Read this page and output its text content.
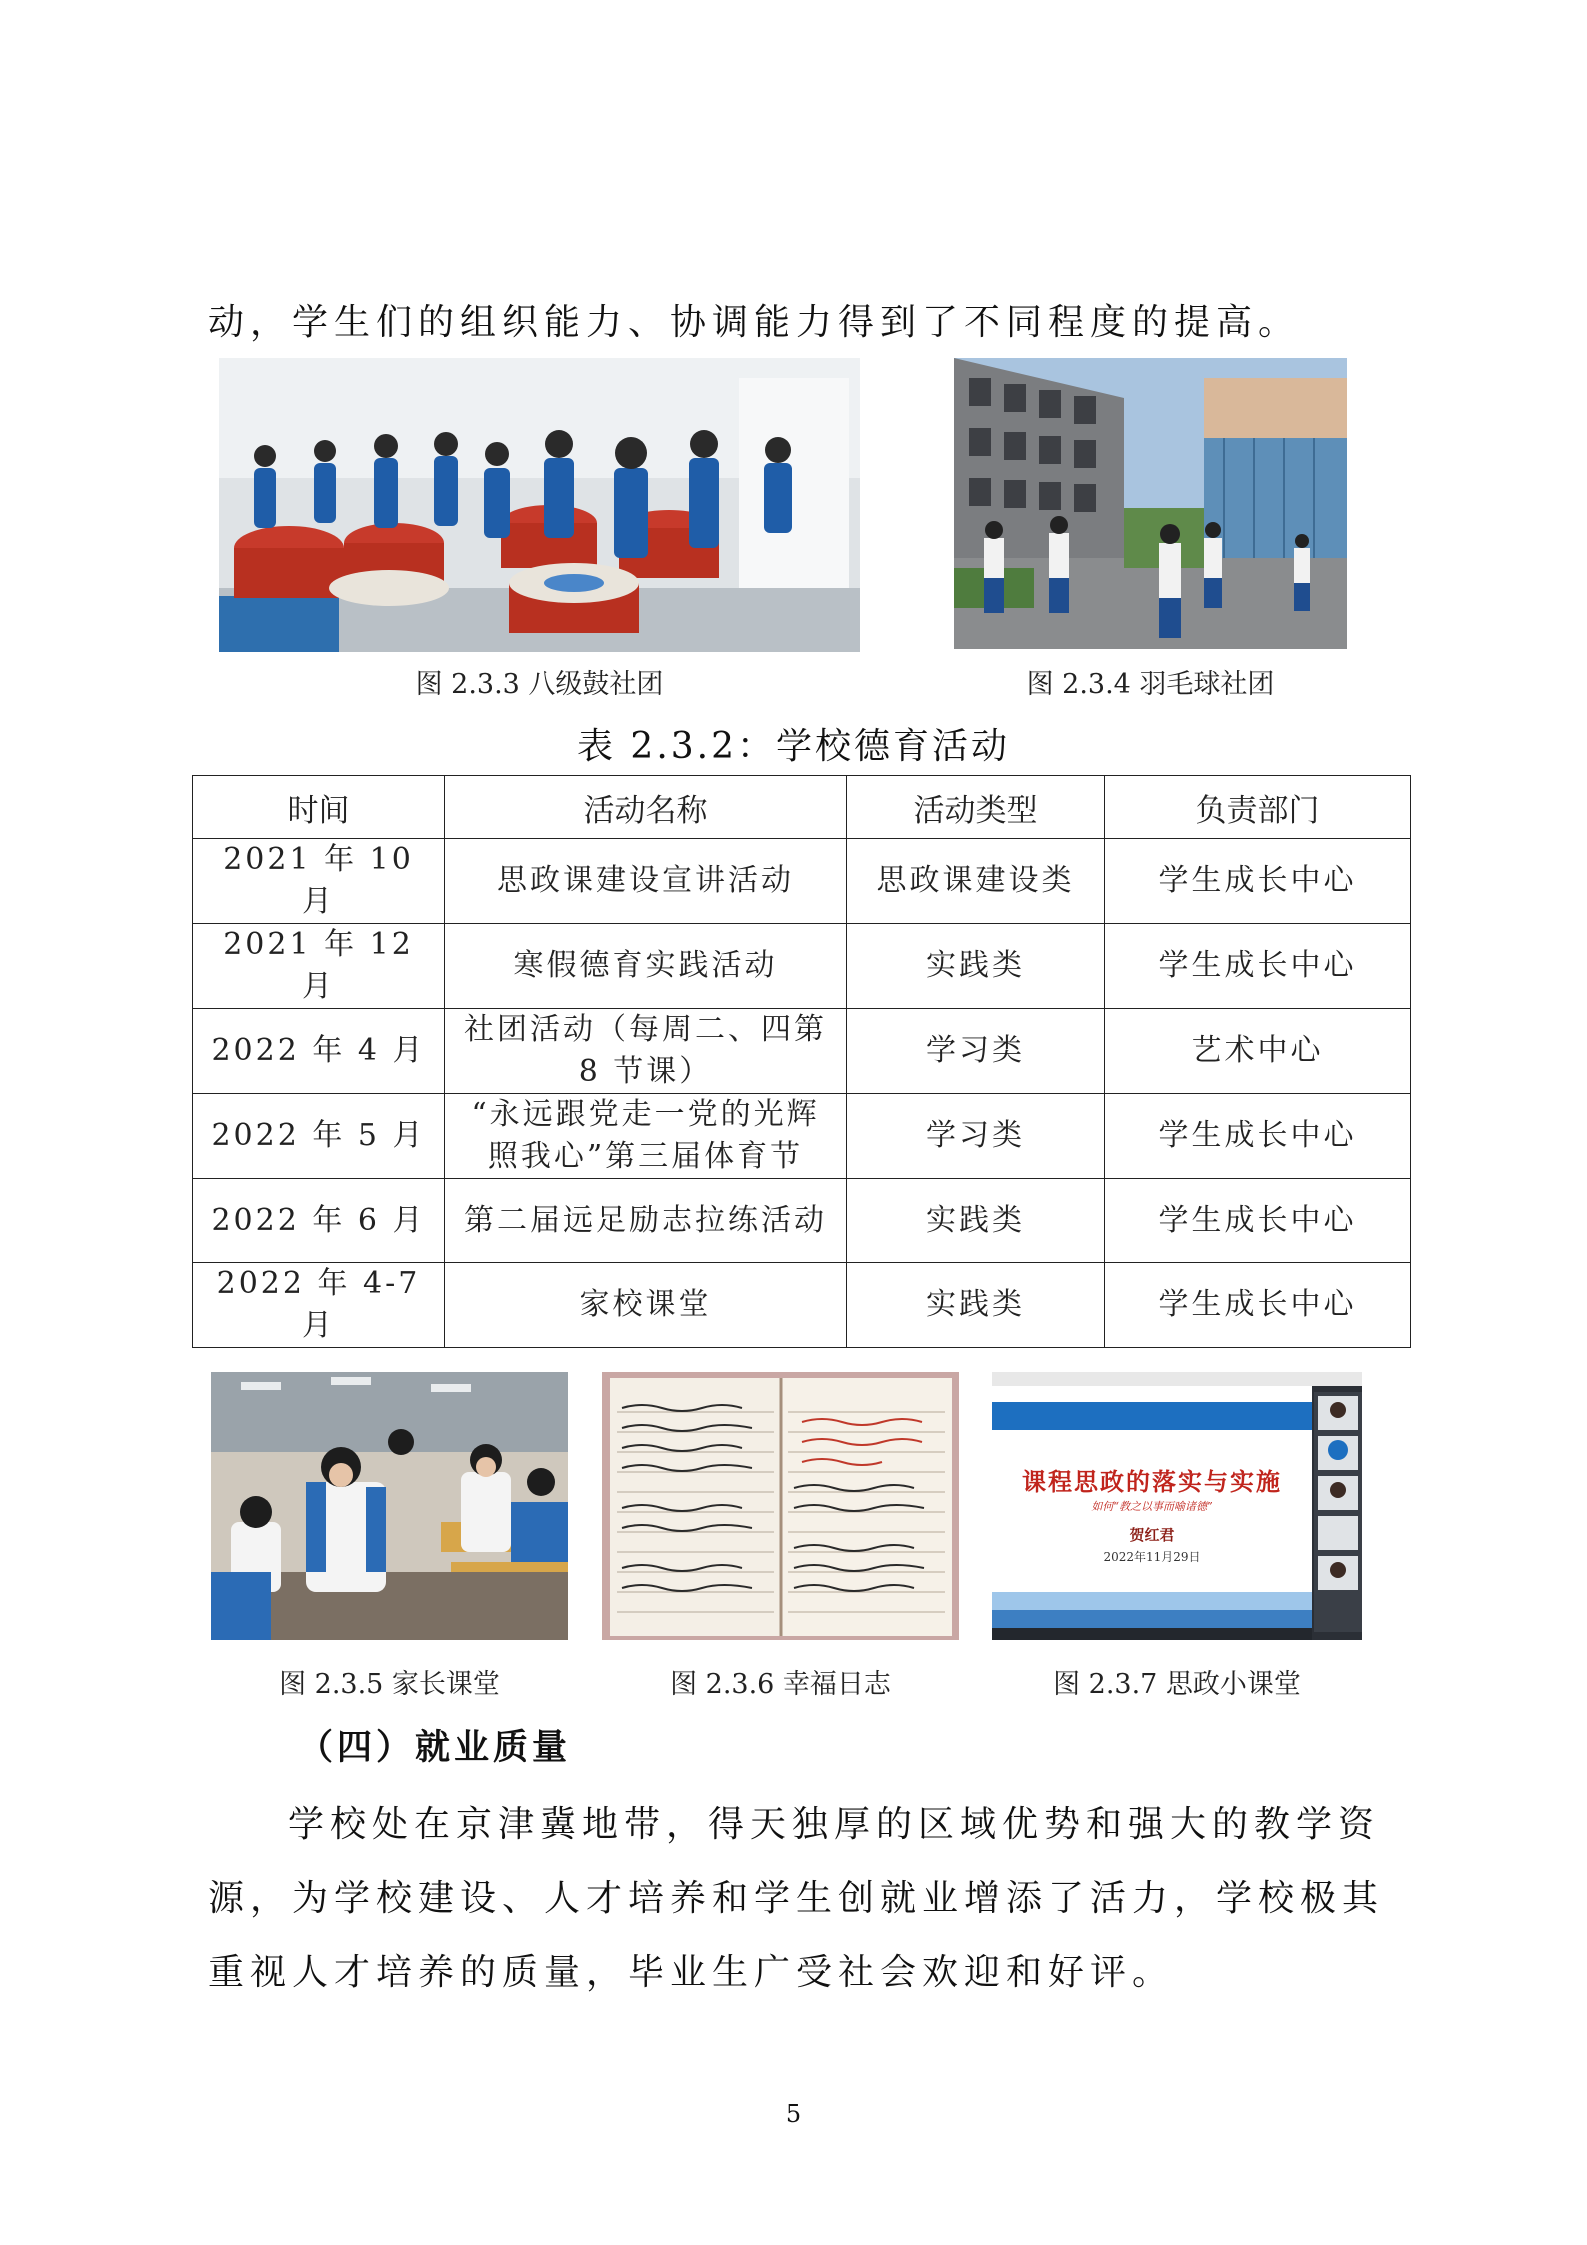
动，学生们的组织能力、协调能力得到了不同程度的提高。
图 2.3.3 八级鼓社团	图 2.3.4 羽毛球社团
表 2.3.2：学校德育活动
时间	活动名称	活动类型	负责部门
2021 年 10 月	思政课建设宣讲活动	思政课建设类	学生成长中心
2021 年 12 月	寒假德育实践活动	实践类	学生成长中心
2022 年 4 月	社团活动（每周二、四第 8 节课）	学习类	艺术中心
2022 年 5 月	“永远跟党走一党的光辉照我心”第三届体育节	学习类	学生成长中心
2022 年 6 月	第二届远足励志拉练活动	实践类	学生成长中心
2022 年 4-7 月	家校课堂	实践类	学生成长中心
图 2.3.5 家长课堂	图 2.3.6 幸福日志
课程思政的落实与实施
如何“教之以事而喻诸德”
贺红君
2022年11月29日
图 2.3.7 思政小课堂
（四）就业质量
学校处在京津冀地带，得天独厚的区域优势和强大的教学资源，为学校建设、人才培养和学生创就业增添了活力，学校极其重视人才培养的质量，毕业生广受社会欢迎和好评。
5
